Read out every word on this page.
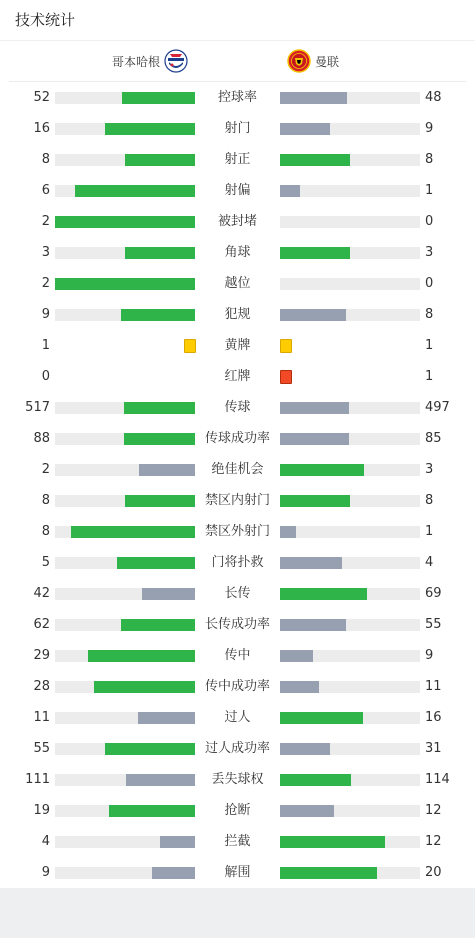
技术统计
哥本哈根	曼联
52	控球率	48
16	射门	9
8	射正	8
6	射偏	1
2	被封堵	0
3	角球	3
2	越位	0
9	犯规	8
1	黄牌	1
0	红牌	1
517	传球	497
88	传球成功率	85
2	绝佳机会	3
8	禁区内射门	8
8	禁区外射门	1
5	门将扑救	4
42	长传	69
62	长传成功率	55
29	传中	9
28	传中成功率	11
11	过人	16
55	过人成功率	31
111	丢失球权	114
19	抢断	12
4	拦截	12
9	解围	20
